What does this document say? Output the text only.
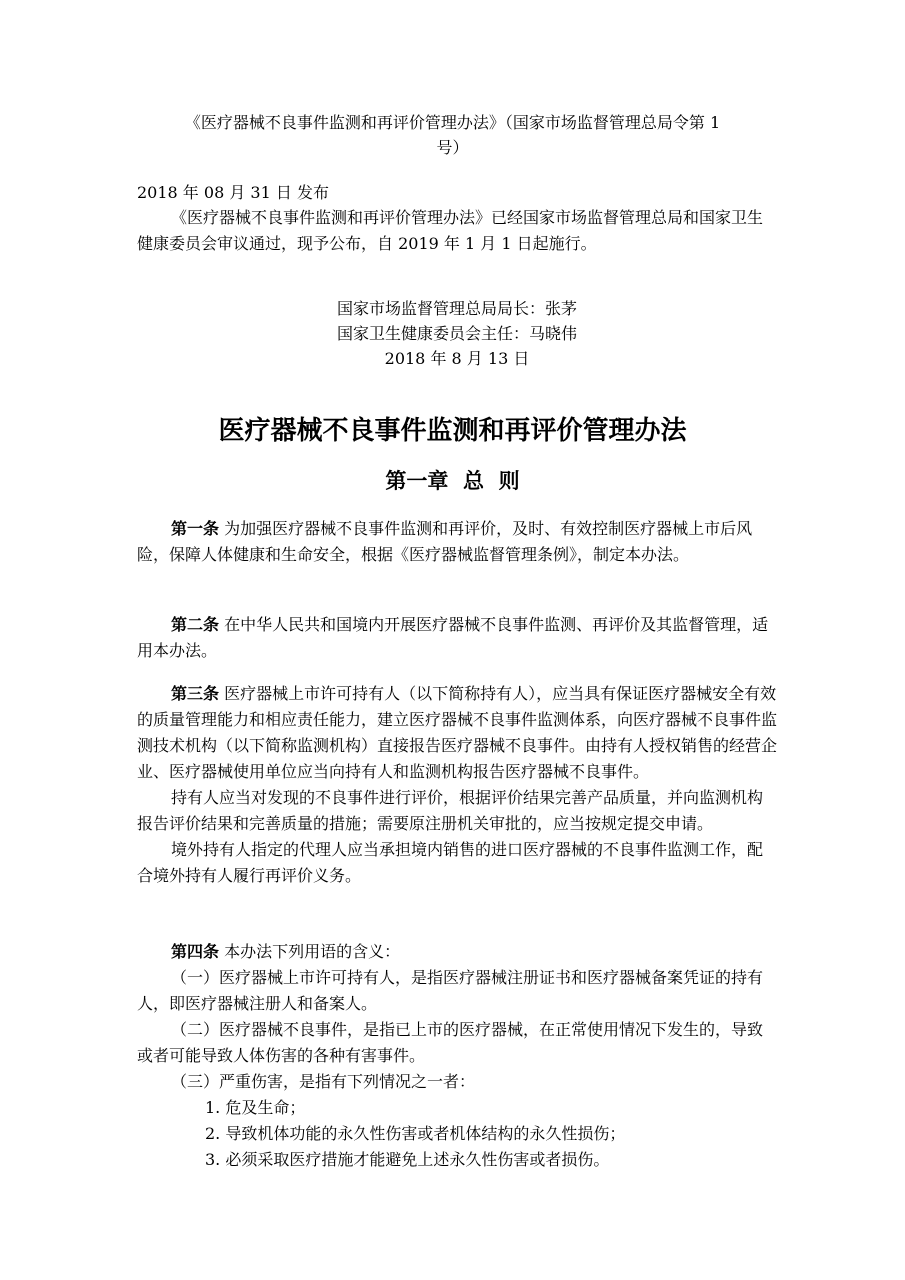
《医疗器械不良事件监测和再评价管理办法》（国家市场监督管理总局令第 1
号）
2018 年 08 月 31 日 发布

《医疗器械不良事件监测和再评价管理办法》已经国家市场监督管理总局和国家卫生健康委员会审议通过，现予公布，自 2019 年 1 月 1 日起施行。

国家市场监督管理总局局长：张茅
国家卫生健康委员会主任：马晓伟
2018 年 8 月 13 日
医疗器械不良事件监测和再评价管理办法
第一章  总  则

第一条 为加强医疗器械不良事件监测和再评价，及时、有效控制医疗器械上市后风险，保障人体健康和生命安全，根据《医疗器械监督管理条例》，制定本办法。

第二条 在中华人民共和国境内开展医疗器械不良事件监测、再评价及其监督管理，适用本办法。

第三条 医疗器械上市许可持有人（以下简称持有人），应当具有保证医疗器械安全有效的质量管理能力和相应责任能力，建立医疗器械不良事件监测体系，向医疗器械不良事件监测技术机构（以下简称监测机构）直接报告医疗器械不良事件。由持有人授权销售的经营企业、医疗器械使用单位应当向持有人和监测机构报告医疗器械不良事件。

持有人应当对发现的不良事件进行评价，根据评价结果完善产品质量，并向监测机构报告评价结果和完善质量的措施；需要原注册机关审批的，应当按规定提交申请。

境外持有人指定的代理人应当承担境内销售的进口医疗器械的不良事件监测工作，配合境外持有人履行再评价义务。

第四条 本办法下列用语的含义：

（一）医疗器械上市许可持有人，是指医疗器械注册证书和医疗器械备案凭证的持有人，即医疗器械注册人和备案人。

（二）医疗器械不良事件，是指已上市的医疗器械，在正常使用情况下发生的，导致或者可能导致人体伤害的各种有害事件。

（三）严重伤害，是指有下列情况之一者：

1. 危及生命；

2. 导致机体功能的永久性伤害或者机体结构的永久性损伤；

3. 必须采取医疗措施才能避免上述永久性伤害或者损伤。
